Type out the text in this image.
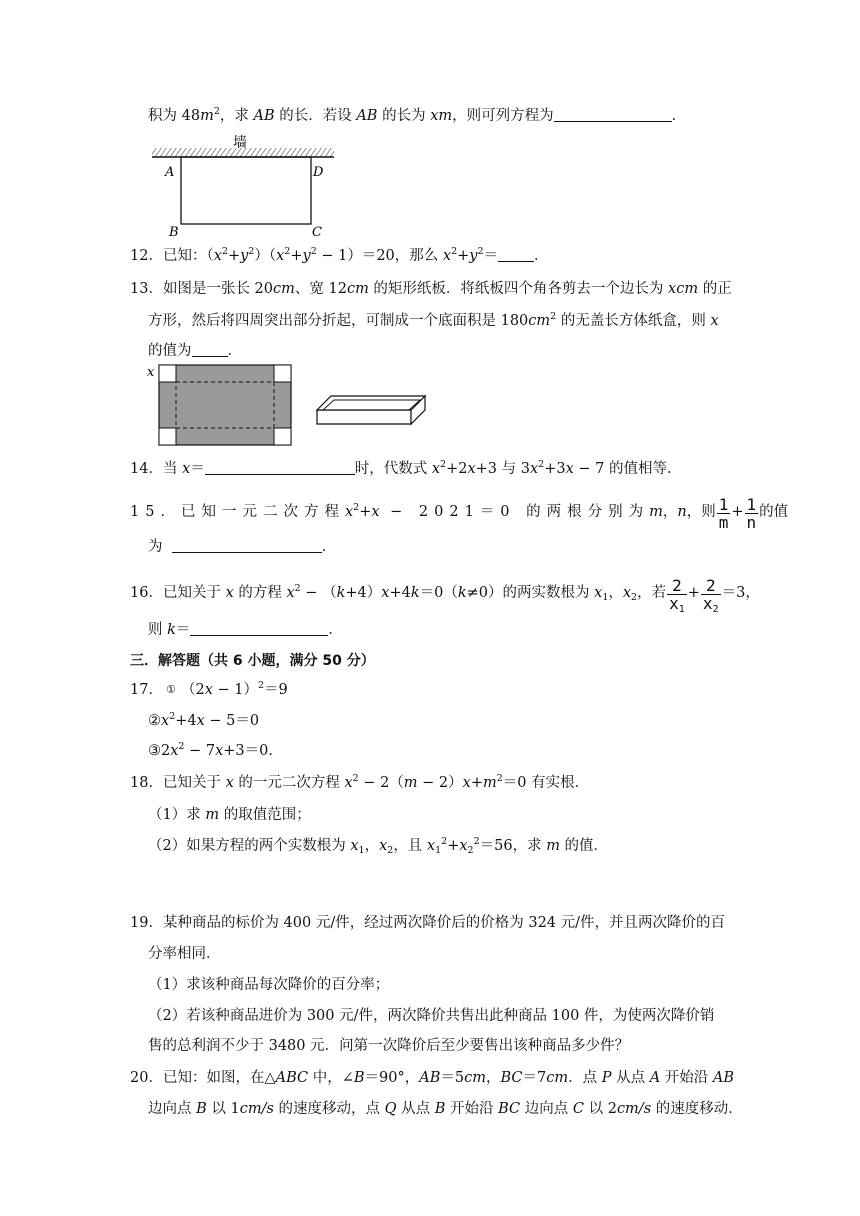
积为 $48m^2$，求 AB 的长．若设 AB 的长为 xm，则可列方程为	．
墙
A	D
B	C
12．已知：$(x^2+y^2)(x^2+y^2 - 1)=20$，那么 $x^2+y^2=$ ．
13．如图是一张长 20cm、宽 12cm 的矩形纸板．将纸板四个角各剪去一个边长为 xcm 的正
方形，然后将四周突出部分折起，可制成一个底面积是 $180cm^2$ 的无盖长方体纸盒，则 x
的值为 ．
x
14．当 x＝	时，代数式 $x^2+2x+3$ 与 $3x^2+3x - 7$ 的值相等．
15．已知一元二次方程$x^2+x - 2021=0$ 的两根分别为m，n，则 $\frac{1}{m} + \frac{1}{n}$ 的值
为	．
16．已知关于 x 的方程 $x^2 - (k+4)x+4k=0(k\ne 0)$的两实数根为 $x_1$，$x_2$，若 $\frac{2}{x_1} + \frac{2}{x_2} =3$，
则 k＝	．
三．解答题（共 6 小题，满分 50 分）
17． ① $(2x - 1)^2=9$
$②x^2+4x - 5=0$
$③2x^2 - 7x+3=0$．
18．已知关于 x 的一元二次方程 $x^2 - 2(m - 2)x+m^2=0$ 有实根．
（1）求 m 的取值范围；
（2）如果方程的两个实数根为 $x_1$，$x_2$，且 $x_1^2+x_2^2=56$，求 m 的值．
19．某种商品的标价为 400 元/件，经过两次降价后的价格为 324 元/件，并且两次降价的百
分率相同．
（1）求该种商品每次降价的百分率；
（2）若该种商品进价为 300 元/件，两次降价共售出此种商品 100 件，为使两次降价销
售的总利润不少于 3480 元．问第一次降价后至少要售出该种商品多少件？
20．已知：如图，在△ABC 中，∠B＝90°，AB＝5cm，BC＝7cm．点 P 从点 A 开始沿 AB
边向点 B 以 1cm/s 的速度移动，点 Q 从点 B 开始沿 BC 边向点 C 以 2cm/s 的速度移动．
